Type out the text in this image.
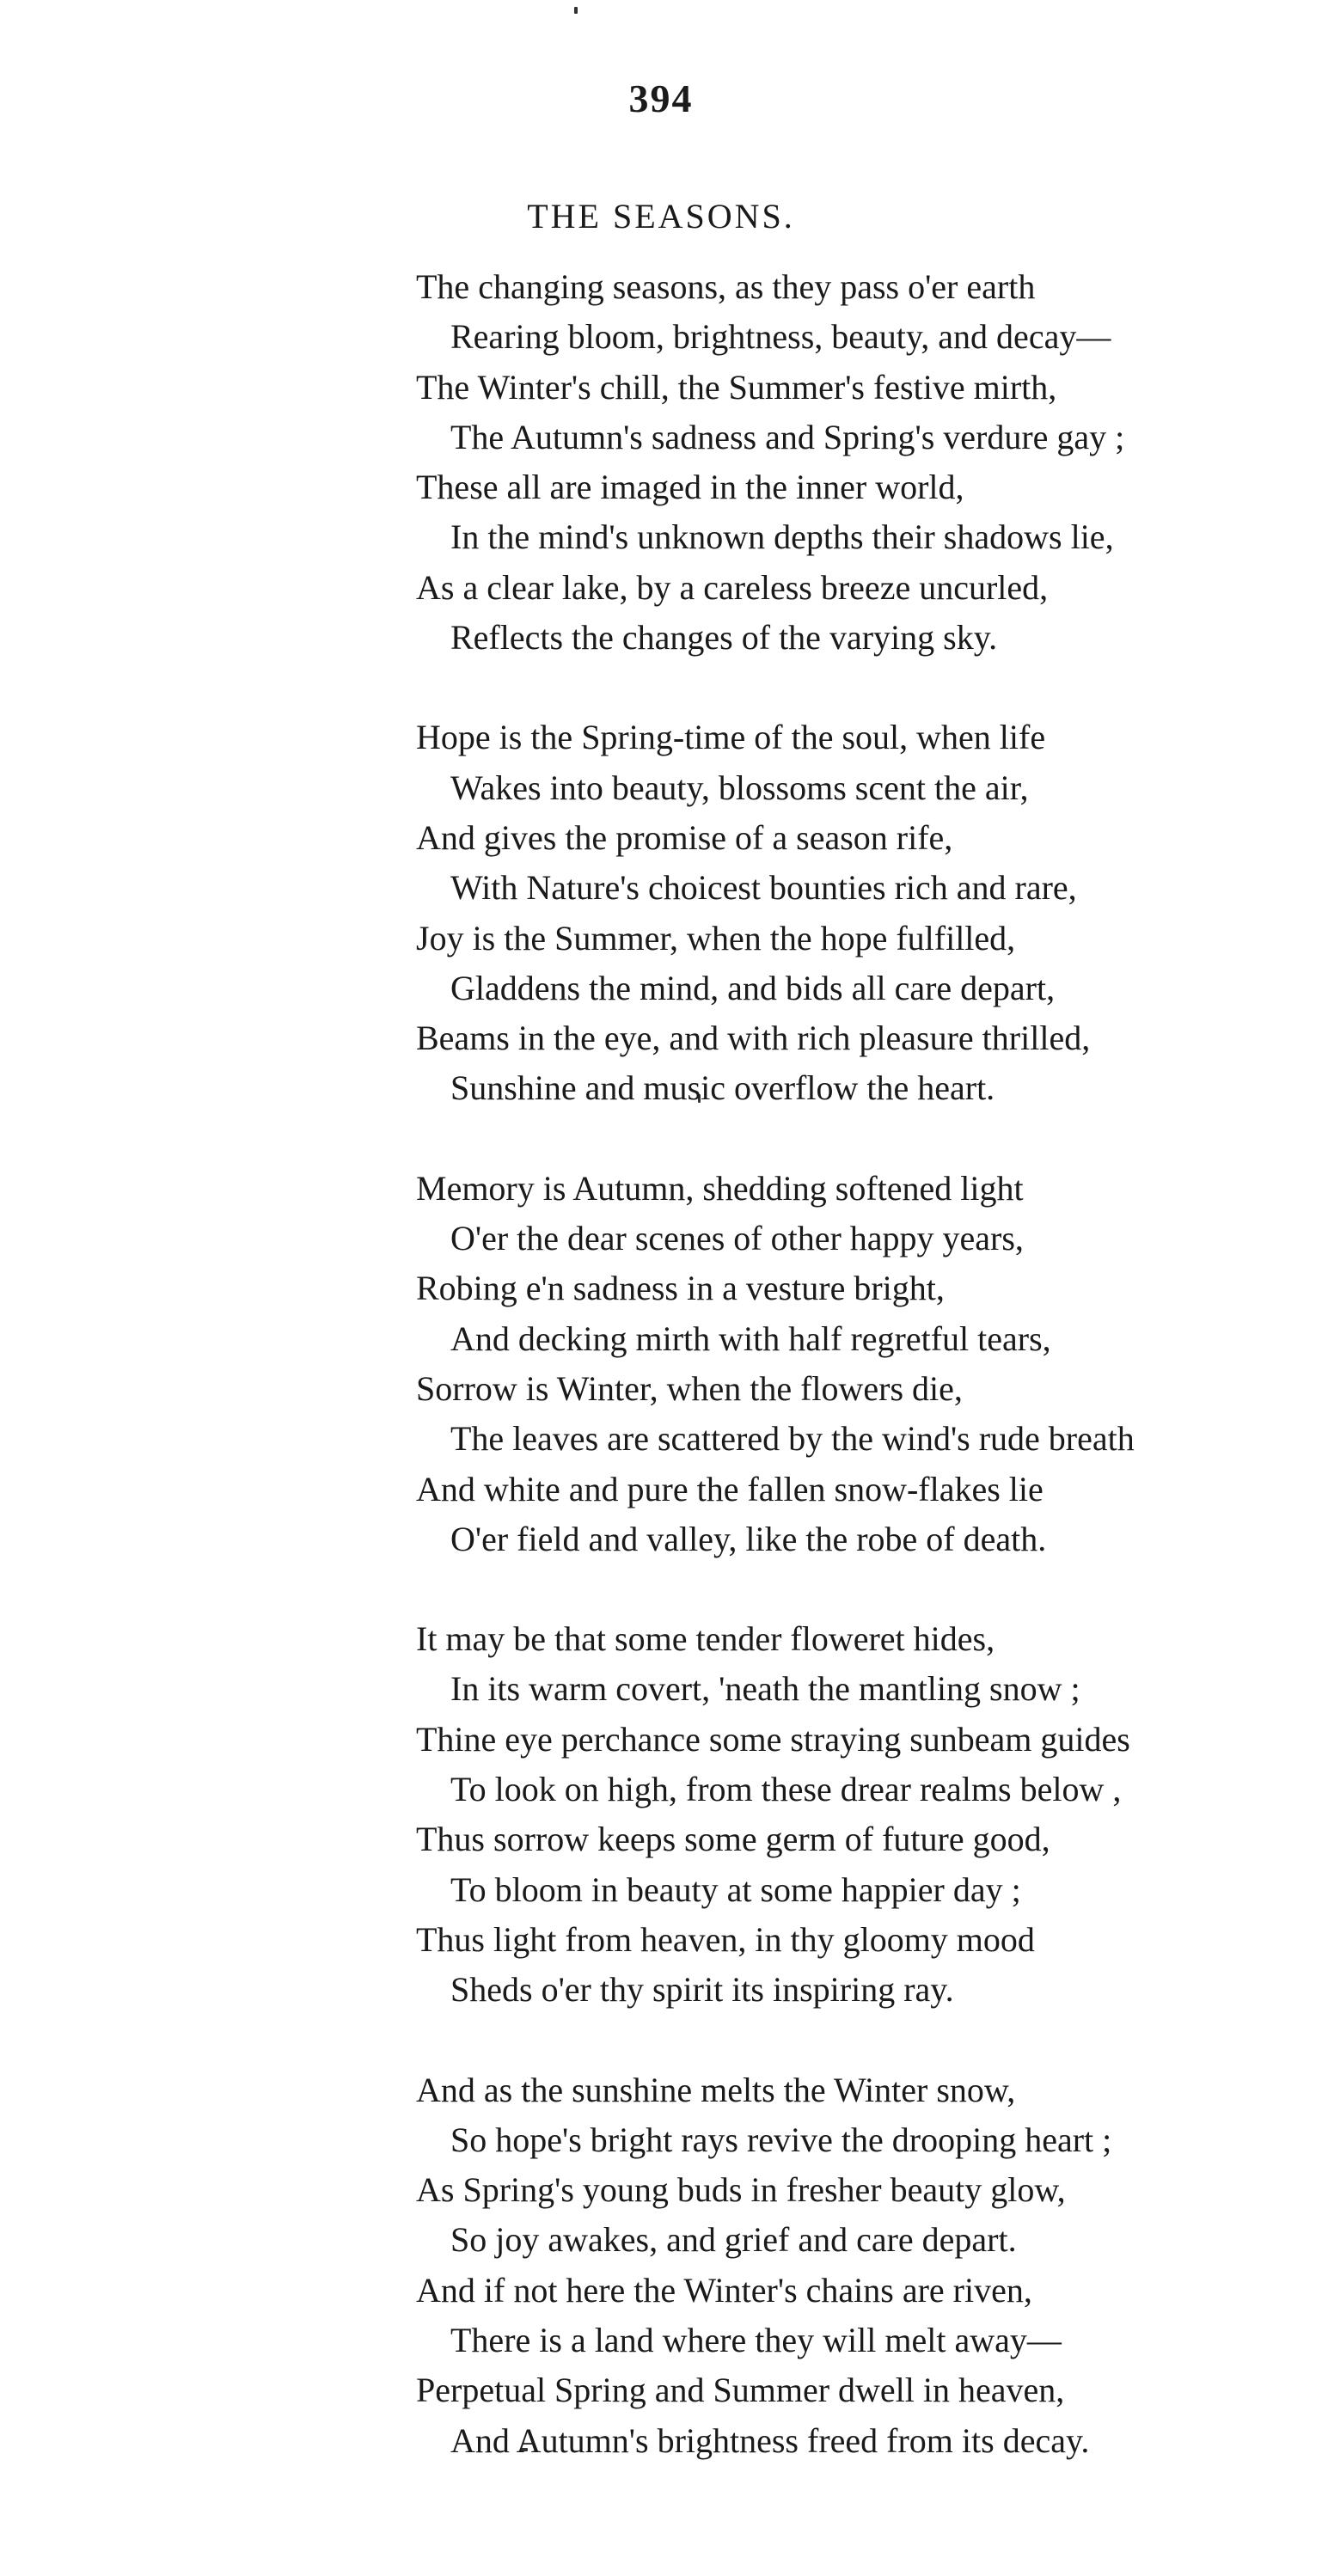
394
THE SEASONS.
The changing seasons, as they pass o'er earth
Rearing bloom, brightness, beauty, and decay—
The Winter's chill, the Summer's festive mirth,
The Autumn's sadness and Spring's verdure gay ;
These all are imaged in the inner world,
In the mind's unknown depths their shadows lie,
As a clear lake, by a careless breeze uncurled,
Reflects the changes of the varying sky.
Hope is the Spring-time of the soul, when life
Wakes into beauty, blossoms scent the air,
And gives the promise of a season rife,
With Nature's choicest bounties rich and rare,
Joy is the Summer, when the hope fulfilled,
Gladdens the mind, and bids all care depart,
Beams in the eye, and with rich pleasure thrilled,
Sunshine and music overflow the heart.
Memory is Autumn, shedding softened light
O'er the dear scenes of other happy years,
Robing e'n sadness in a vesture bright,
And decking mirth with half regretful tears,
Sorrow is Winter, when the flowers die,
The leaves are scattered by the wind's rude breath
And white and pure the fallen snow-flakes lie
O'er field and valley, like the robe of death.
It may be that some tender floweret hides,
In its warm covert, 'neath the mantling snow ;
Thine eye perchance some straying sunbeam guides
To look on high, from these drear realms below ,
Thus sorrow keeps some germ of future good,
To bloom in beauty at some happier day ;
Thus light from heaven, in thy gloomy mood
Sheds o'er thy spirit its inspiring ray.
And as the sunshine melts the Winter snow,
So hope's bright rays revive the drooping heart ;
As Spring's young buds in fresher beauty glow,
So joy awakes, and grief and care depart.
And if not here the Winter's chains are riven,
There is a land where they will melt away—
Perpetual Spring and Summer dwell in heaven,
And Autumn's brightness freed from its decay.
